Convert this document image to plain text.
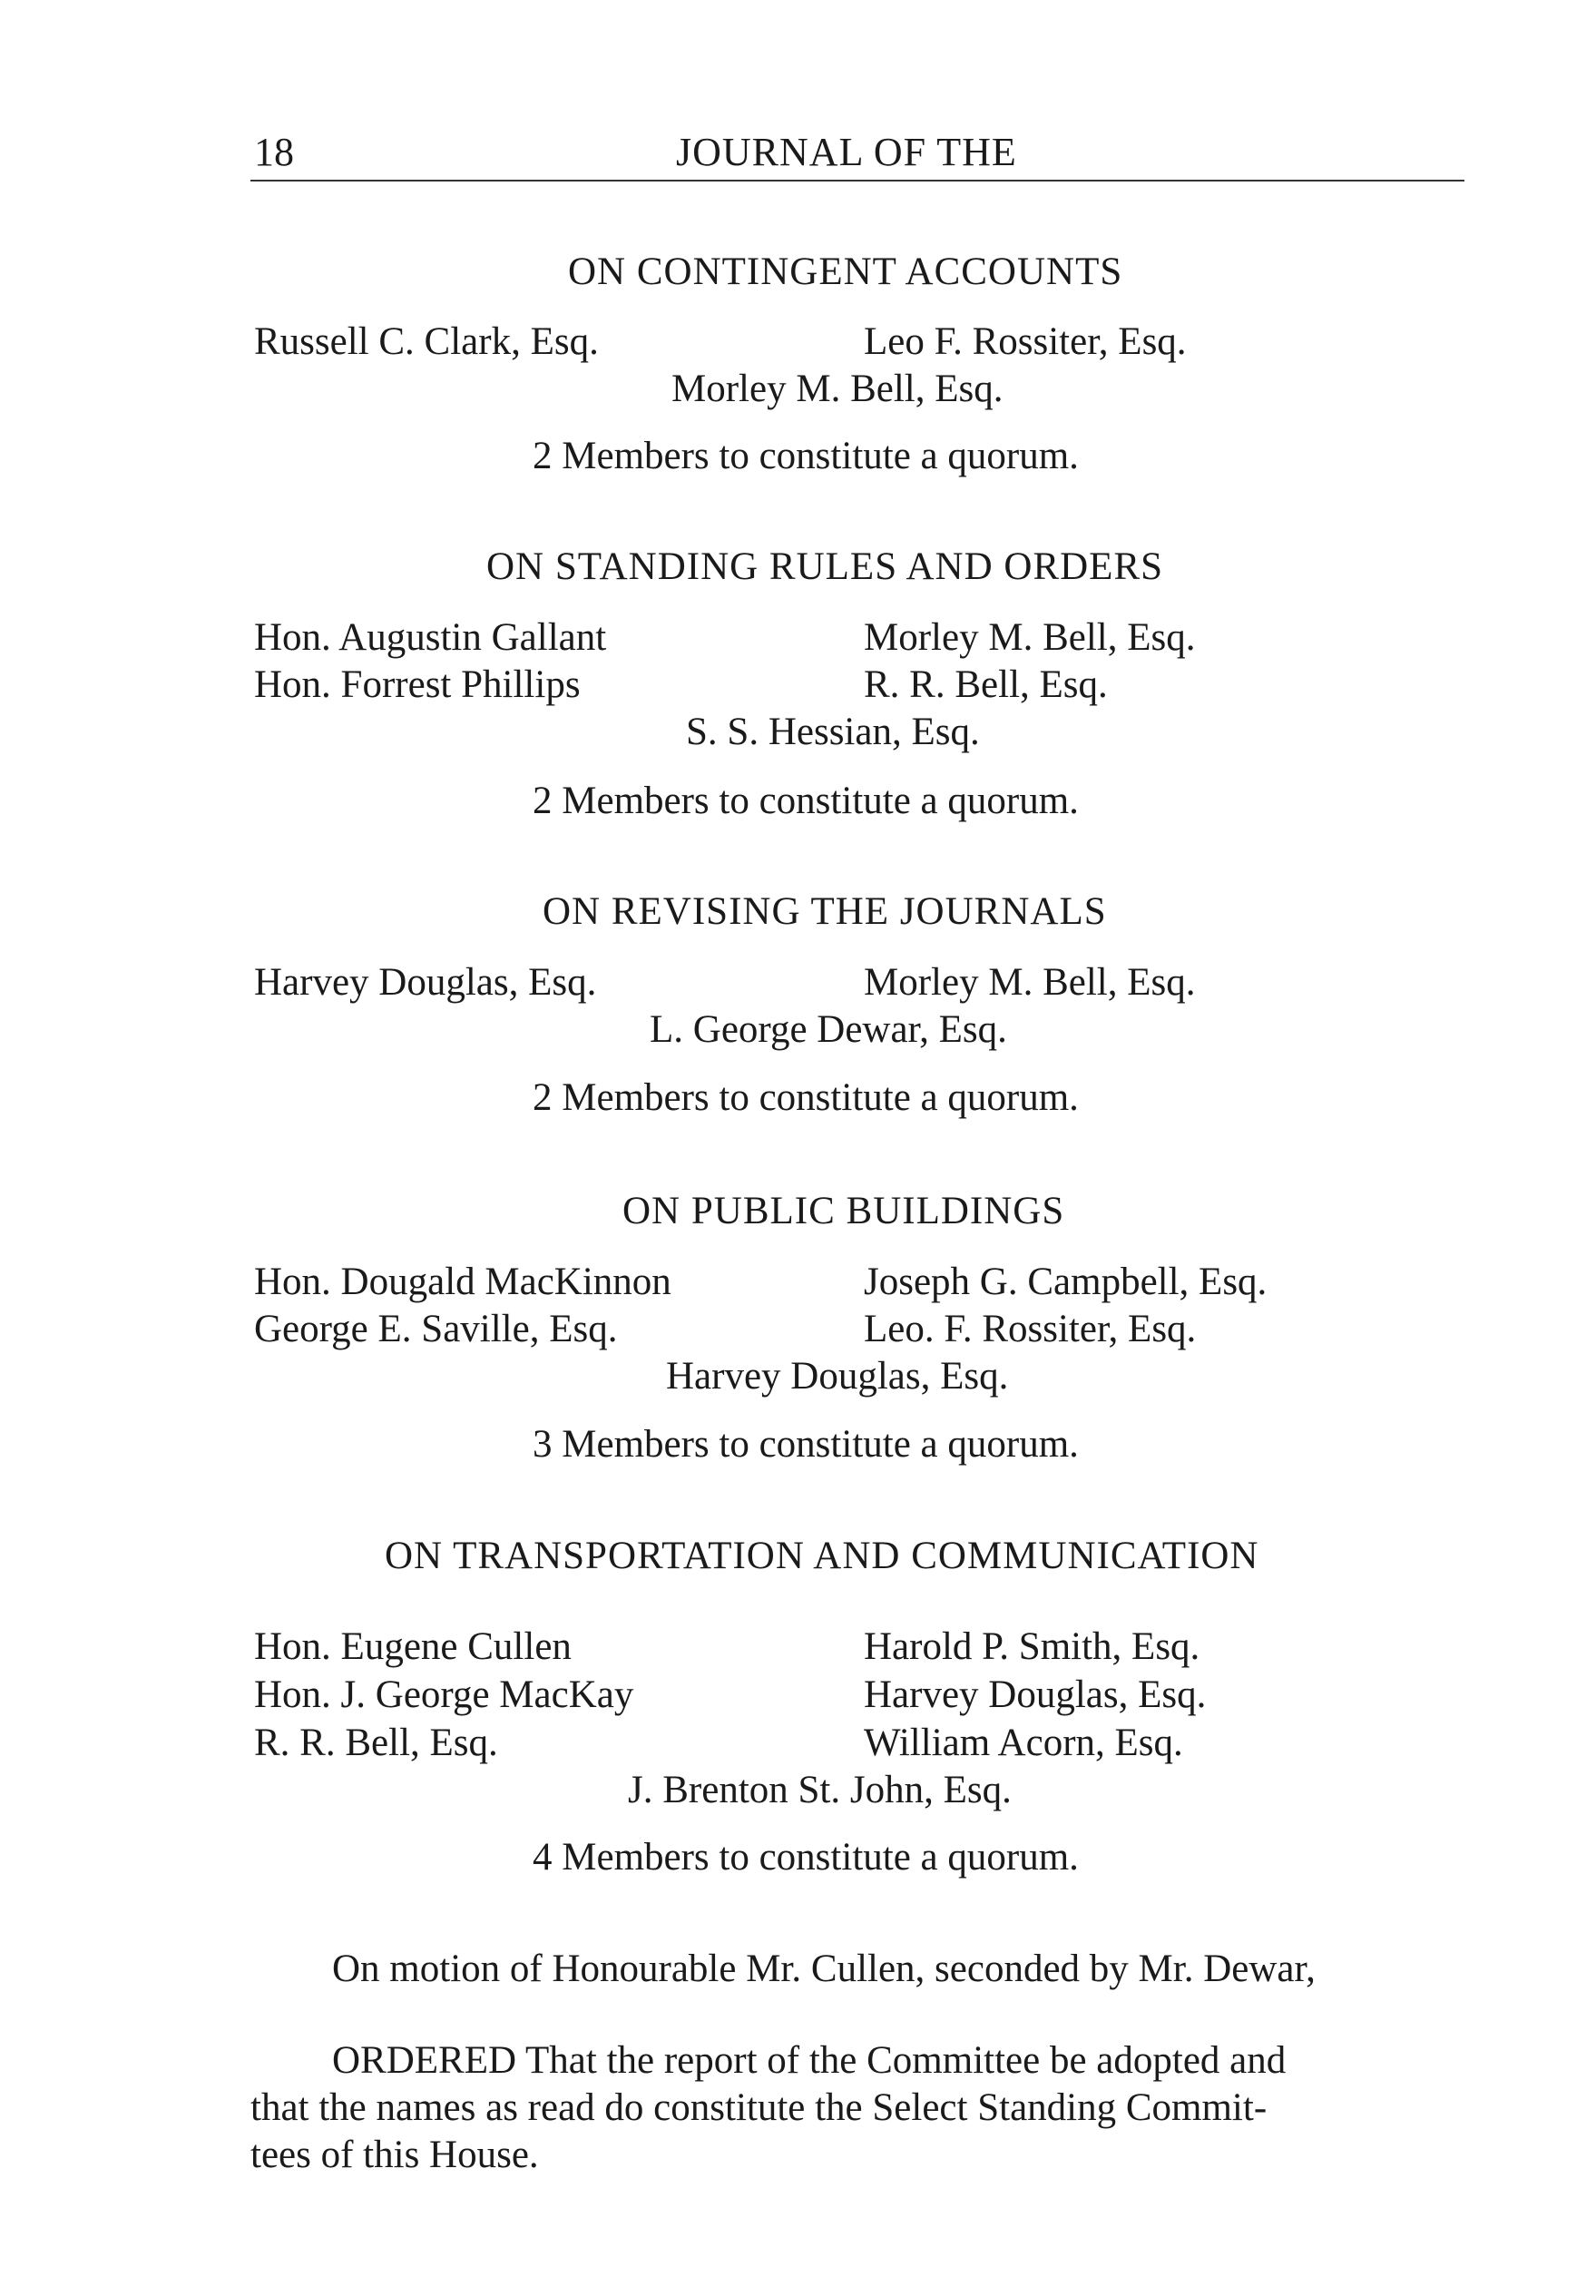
18	JOURNAL OF THE
ON CONTINGENT ACCOUNTS
Russell C. Clark, Esq.	Leo F. Rossiter, Esq.
Morley M. Bell, Esq.
2 Members to constitute a quorum.
ON STANDING RULES AND ORDERS
Hon. Augustin Gallant	Morley M. Bell, Esq.
Hon. Forrest Phillips	R. R. Bell, Esq.
S. S. Hessian, Esq.
2 Members to constitute a quorum.
ON REVISING THE JOURNALS
Harvey Douglas, Esq.	Morley M. Bell, Esq.
L. George Dewar, Esq.
2 Members to constitute a quorum.
ON PUBLIC BUILDINGS
Hon. Dougald MacKinnon	Joseph G. Campbell, Esq.
George E. Saville, Esq.	Leo. F. Rossiter, Esq.
Harvey Douglas, Esq.
3 Members to constitute a quorum.
ON TRANSPORTATION AND COMMUNICATION
Hon. Eugene Cullen	Harold P. Smith, Esq.
Hon. J. George MacKay	Harvey Douglas, Esq.
R. R. Bell, Esq.	William Acorn, Esq.
J. Brenton St. John, Esq.
4 Members to constitute a quorum.
On motion of Honourable Mr. Cullen, seconded by Mr. Dewar,
ORDERED That the report of the Committee be adopted and
that the names as read do constitute the Select Standing Commit-
tees of this House.
